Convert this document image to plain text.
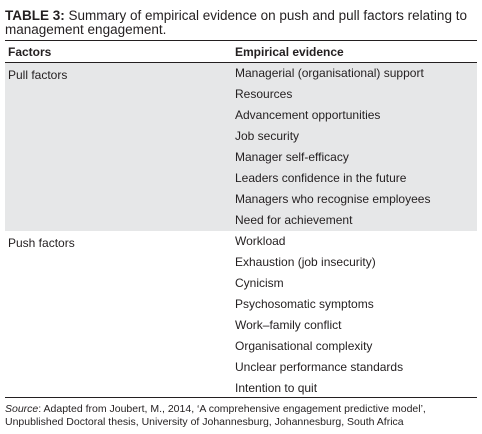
TABLE 3: Summary of empirical evidence on push and pull factors relating to management engagement.
Factors	Empirical evidence
Pull factors	Managerial (organisational) support
Resources
Advancement opportunities
Job security
Manager self-efficacy
Leaders confidence in the future
Managers who recognise employees
Need for achievement
Push factors	Workload
Exhaustion (job insecurity)
Cynicism
Psychosomatic symptoms
Work–family conflict
Organisational complexity
Unclear performance standards
Intention to quit
Source: Adapted from Joubert, M., 2014, ‘A comprehensive engagement predictive model’, Unpublished Doctoral thesis, University of Johannesburg, Johannesburg, South Africa
